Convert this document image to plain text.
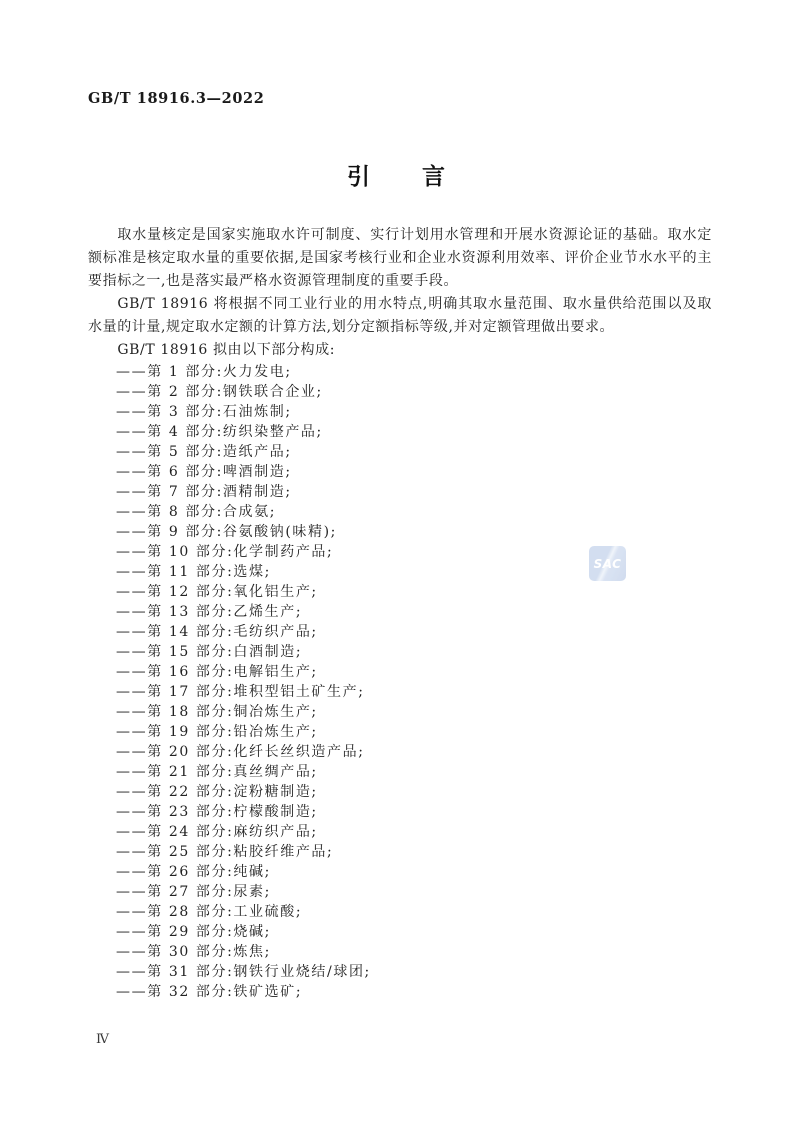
GB/T 18916.3—2022
引　　言

取水量核定是国家实施取水许可制度、实行计划用水管理和开展水资源论证的基础。取水定额标准是核定取水量的重要依据,是国家考核行业和企业水资源利用效率、评价企业节水水平的主要指标之一,也是落实最严格水资源管理制度的重要手段。

GB/T 18916 将根据不同工业行业的用水特点,明确其取水量范围、取水量供给范围以及取水量的计量,规定取水定额的计算方法,划分定额指标等级,并对定额管理做出要求。

GB/T 18916 拟由以下部分构成:

——第 1 部分:火力发电;
——第 2 部分:钢铁联合企业;
——第 3 部分:石油炼制;
——第 4 部分:纺织染整产品;
——第 5 部分:造纸产品;
——第 6 部分:啤酒制造;
——第 7 部分:酒精制造;
——第 8 部分:合成氨;
——第 9 部分:谷氨酸钠(味精);
——第 10 部分:化学制药产品;
——第 11 部分:选煤;
——第 12 部分:氧化铝生产;
——第 13 部分:乙烯生产;
——第 14 部分:毛纺织产品;
——第 15 部分:白酒制造;
——第 16 部分:电解铝生产;
——第 17 部分:堆积型铝土矿生产;
——第 18 部分:铜冶炼生产;
——第 19 部分:铅冶炼生产;
——第 20 部分:化纤长丝织造产品;
——第 21 部分:真丝绸产品;
——第 22 部分:淀粉糖制造;
——第 23 部分:柠檬酸制造;
——第 24 部分:麻纺织产品;
——第 25 部分:粘胶纤维产品;
——第 26 部分:纯碱;
——第 27 部分:尿素;
——第 28 部分:工业硫酸;
——第 29 部分:烧碱;
——第 30 部分:炼焦;
——第 31 部分:钢铁行业烧结/球团;
——第 32 部分:铁矿选矿;
SAC
Ⅳ
